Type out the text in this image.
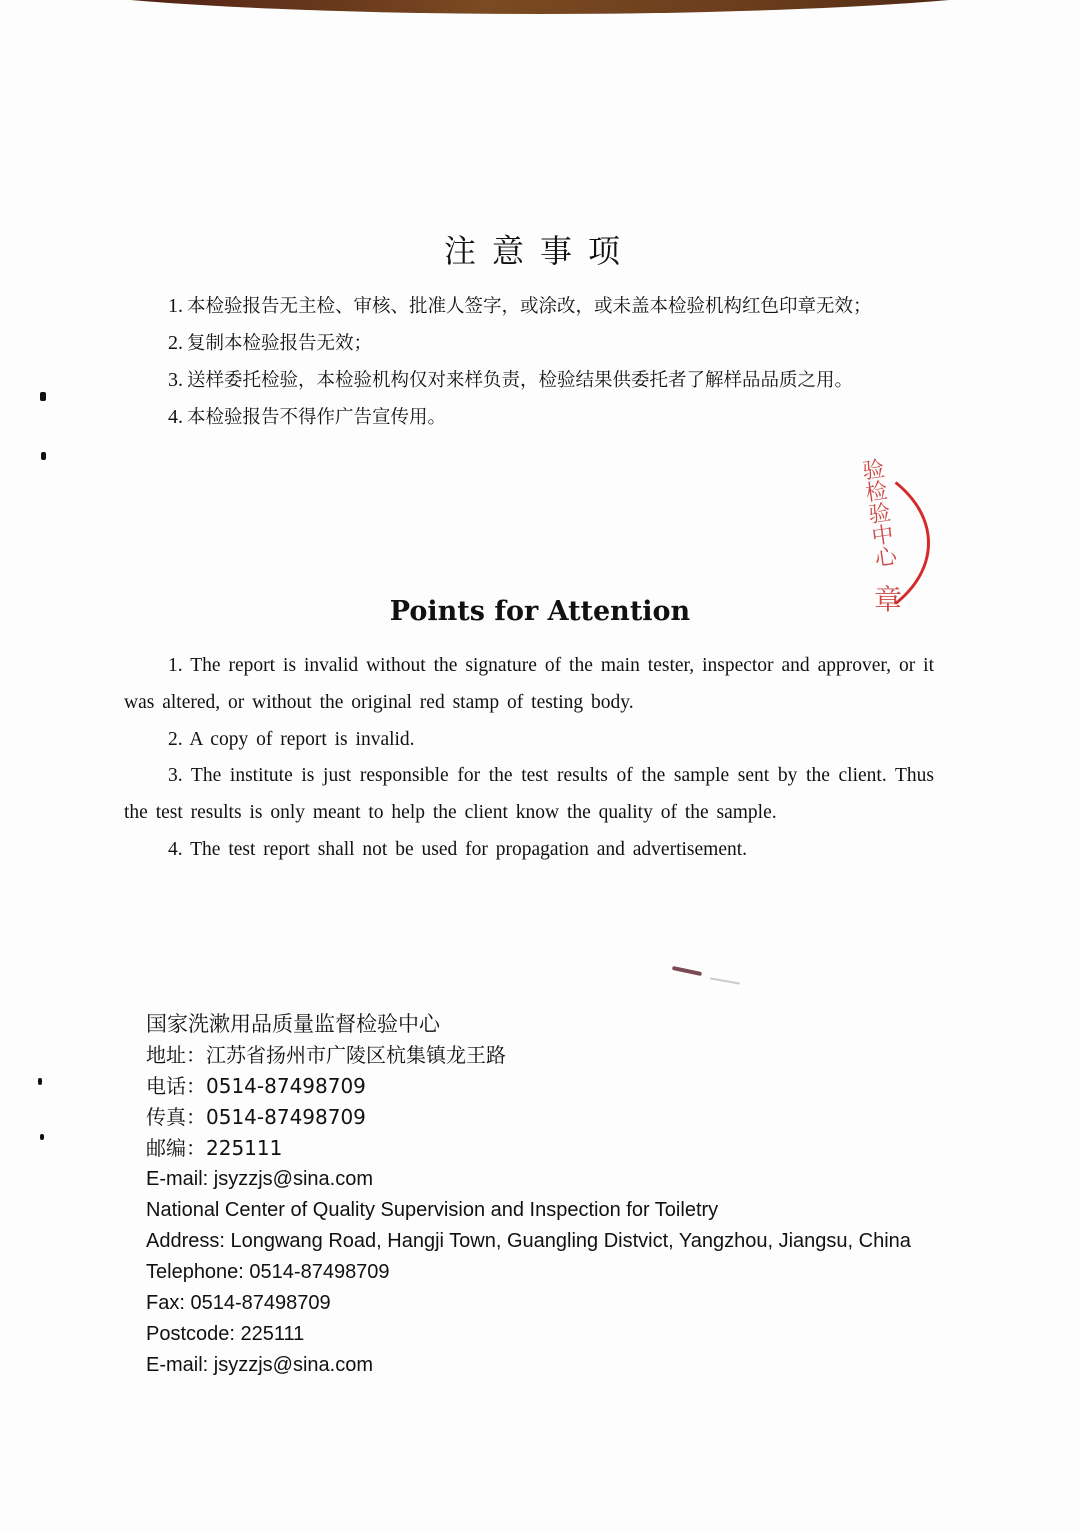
注意事项
1. 本检验报告无主检、审核、批准人签字，或涂改，或未盖本检验机构红色印章无效；
2. 复制本检验报告无效；
3. 送样委托检验，本检验机构仅对来样负责，检验结果供委托者了解样品品质之用。
4. 本检验报告不得作广告宣传用。
验检验中心
章
Points for Attention

1. The report is invalid without the signature of the main tester, inspector and approver, or it was altered, or without the original red stamp of testing body.

2. A copy of report is invalid.

3. The institute is just responsible for the test results of the sample sent by the client. Thus the test results is only meant to help the client know the quality of the sample.

4. The test report shall not be used for propagation and advertisement.

国家洗漱用品质量监督检验中心
地址：江苏省扬州市广陵区杭集镇龙王路
电话：0514-87498709
传真：0514-87498709
邮编：225111
E-mail: jsyzzjs@sina.com
National Center of Quality Supervision and Inspection for Toiletry
Address: Longwang Road, Hangji Town, Guangling Distvict, Yangzhou, Jiangsu, China
Telephone: 0514-87498709
Fax: 0514-87498709
Postcode: 225111
E-mail: jsyzzjs@sina.com
